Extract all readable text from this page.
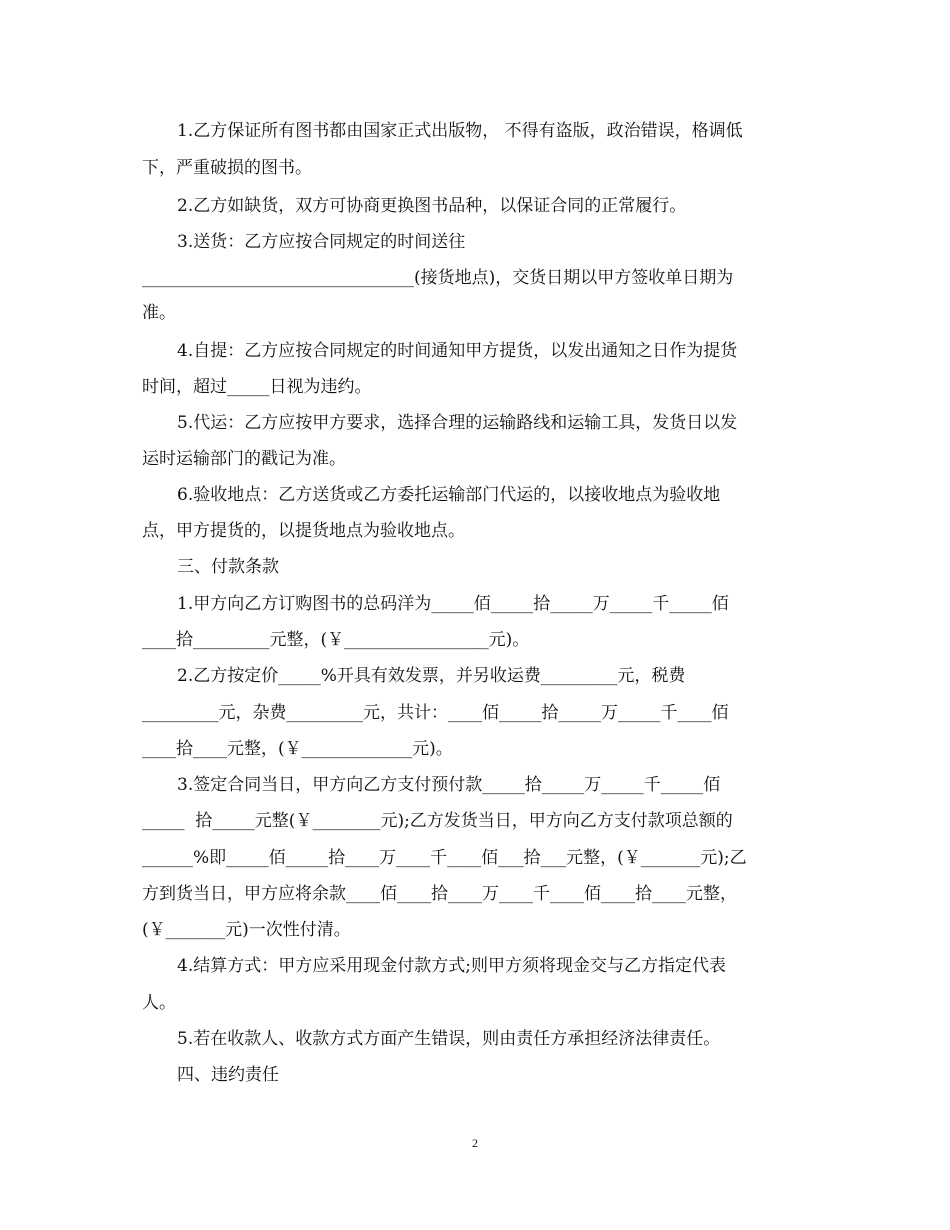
1.乙方保证所有图书都由国家正式出版物， 不得有盗版，政治错误，格调低

下，严重破损的图书。

2.乙方如缺货，双方可协商更换图书品种，以保证合同的正常履行。

3.送货：乙方应按合同规定的时间送往

________________________________(接货地点)，交货日期以甲方签收单日期为

准。

4.自提：乙方应按合同规定的时间通知甲方提货，以发出通知之日作为提货

时间，超过_____日视为违约。

5.代运：乙方应按甲方要求，选择合理的运输路线和运输工具，发货日以发

运时运输部门的戳记为准。

6.验收地点：乙方送货或乙方委托运输部门代运的，以接收地点为验收地

点，甲方提货的，以提货地点为验收地点。

三、付款条款

1.甲方向乙方订购图书的总码洋为_____佰_____拾_____万_____千_____佰

____拾_________元整，(￥_________________元)。

2.乙方按定价_____%开具有效发票，并另收运费_________元，税费

_________元，杂费_________元，共计：____佰_____拾_____万_____千____佰

____拾____元整，(￥_____________元)。

3.签定合同当日，甲方向乙方支付预付款_____拾_____万_____千_____佰

_____  拾_____元整(￥________元);乙方发货当日，甲方向乙方支付款项总额的

______%即_____佰_____拾____万____千____佰___拾___元整，(￥_______元);乙

方到货当日，甲方应将余款____佰____拾____万____千____佰____拾____元整，

(￥_______元)一次性付清。

4.结算方式：甲方应采用现金付款方式;则甲方须将现金交与乙方指定代表

人。

5.若在收款人、收款方式方面产生错误，则由责任方承担经济法律责任。

四、违约责任

2
